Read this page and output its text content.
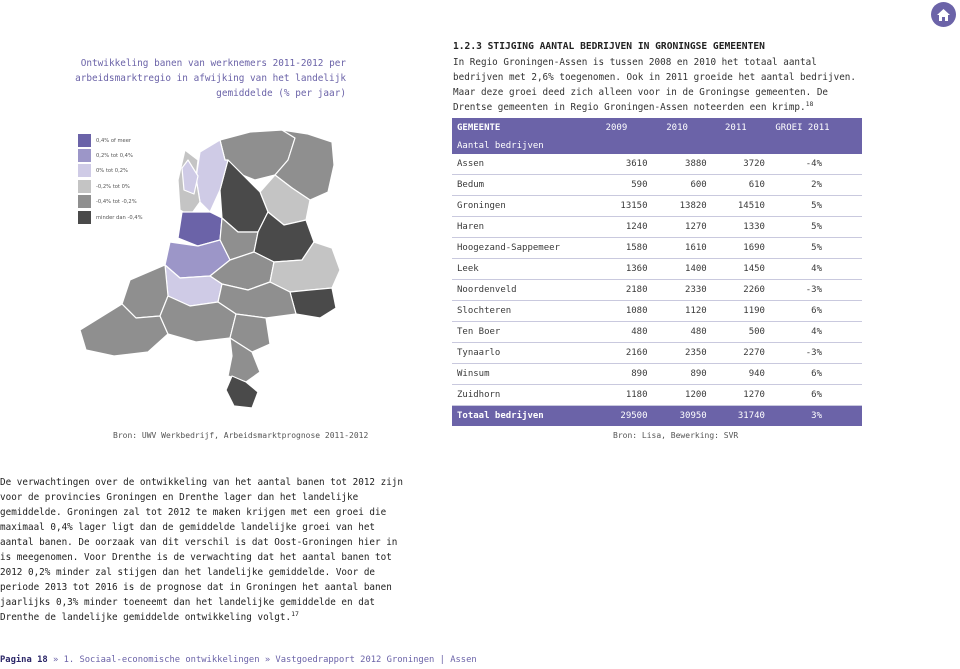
Ontwikkeling banen van werknemers 2011-2012 per arbeidsmarktregio in afwijking van het landelijk gemiddelde (% per jaar)
1.2.3 STIJGING AANTAL BEDRIJVEN IN GRONINGSE GEMEENTEN
In Regio Groningen-Assen is tussen 2008 en 2010 het totaal aantal bedrijven met 2,6% toegenomen. Ook in 2011 groeide het aantal bedrijven. Maar deze groei deed zich alleen voor in de Groningse gemeenten. De Drentse gemeenten in Regio Groningen-Assen noteerden een krimp.$^{18}$
0,4% of meer
0,2% tot 0,4%
0% tot 0,2%
-0,2% tot 0%
-0,4% tot -0,2%
minder dan -0,4%
Bron: UWV Werkbedrijf, Arbeidsmarktprognose 2011-2012
GEMEENTE	2009	2010	2011	GROEI 2011
Aantal bedrijven				
Assen	3610	3880	3720	-4%
Bedum	590	600	610	2%
Groningen	13150	13820	14510	5%
Haren	1240	1270	1330	5%
Hoogezand-Sappemeer	1580	1610	1690	5%
Leek	1360	1400	1450	4%
Noordenveld	2180	2330	2260	-3%
Slochteren	1080	1120	1190	6%
Ten Boer	480	480	500	4%
Tynaarlo	2160	2350	2270	-3%
Winsum	890	890	940	6%
Zuidhorn	1180	1200	1270	6%
Totaal bedrijven	29500	30950	31740	3%
Bron: Lisa, Bewerking: SVR
De verwachtingen over de ontwikkeling van het aantal banen tot 2012 zijn voor de provincies Groningen en Drenthe lager dan het landelijke gemiddelde. Groningen zal tot 2012 te maken krijgen met een groei die maximaal 0,4% lager ligt dan de gemiddelde landelijke groei van het aantal banen. De oorzaak van dit verschil is dat Oost-Groningen hier in is meegenomen. Voor Drenthe is de verwachting dat het aantal banen tot 2012 0,2% minder zal stijgen dan het landelijke gemiddelde. Voor de periode 2013 tot 2016 is de prognose dat in Groningen het aantal banen jaarlijks 0,3% minder toeneemt dan het landelijke gemiddelde en dat Drenthe de landelijke gemiddelde ontwikkeling volgt.$^{17}$
Pagina 18 » 1. Sociaal-economische ontwikkelingen » Vastgoedrapport 2012 Groningen | Assen
